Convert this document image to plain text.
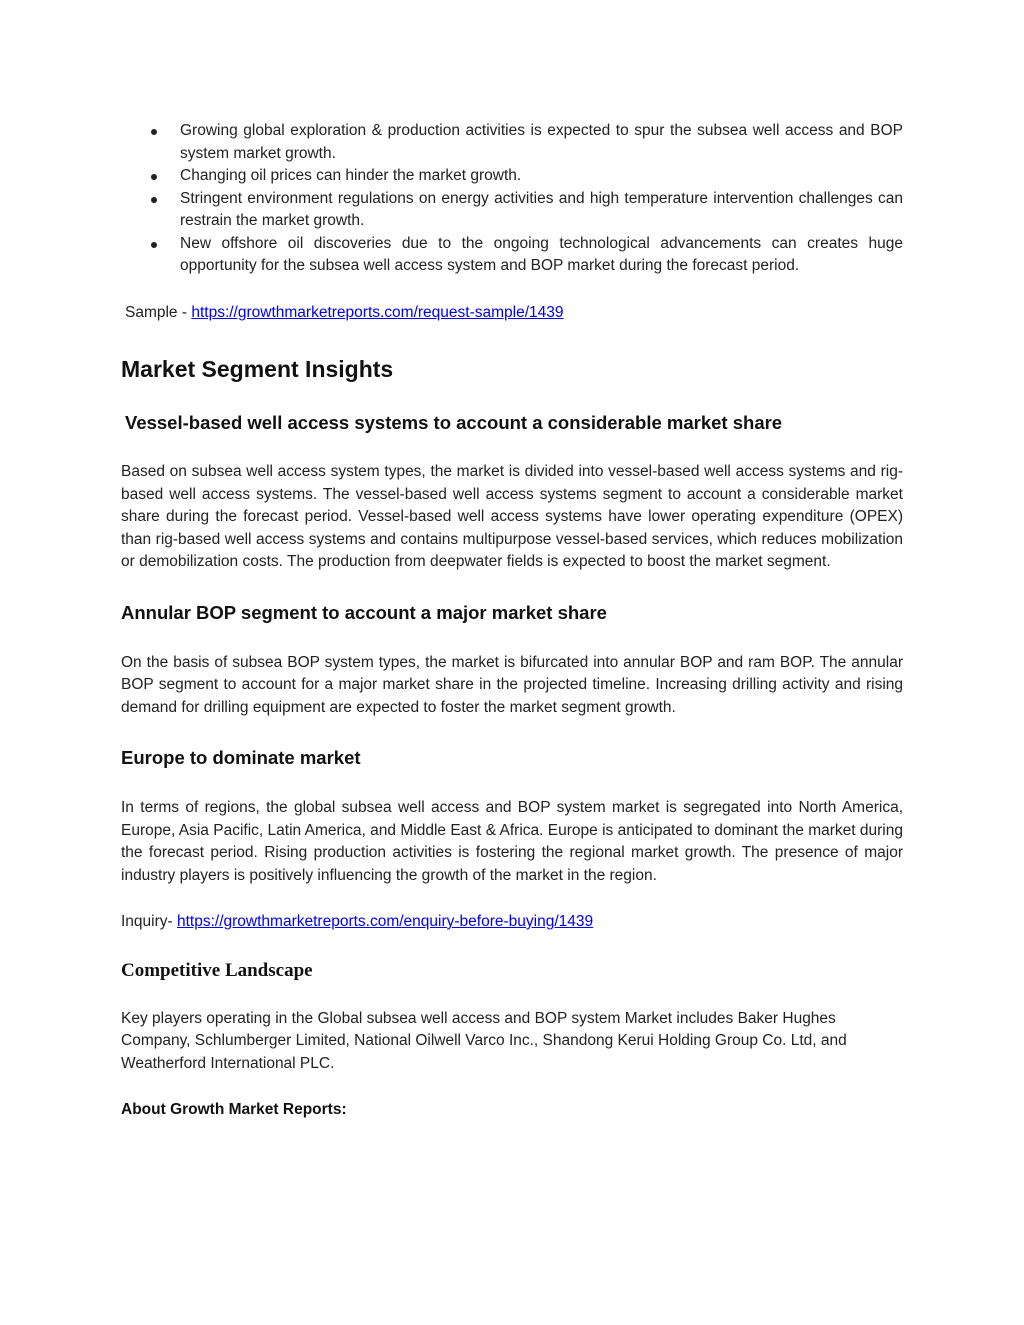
Growing global exploration & production activities is expected to spur the subsea well access and BOP system market growth.
Changing oil prices can hinder the market growth.
Stringent environment regulations on energy activities and high temperature intervention challenges can restrain the market growth.
New offshore oil discoveries due to the ongoing technological advancements can creates huge opportunity for the subsea well access system and BOP market during the forecast period.
Sample - https://growthmarketreports.com/request-sample/1439
Market Segment Insights
Vessel-based well access systems to account a considerable market share

Based on subsea well access system types, the market is divided into vessel-based well access systems and rig-based well access systems. The vessel-based well access systems segment to account a considerable market share during the forecast period. Vessel-based well access systems have lower operating expenditure (OPEX) than rig-based well access systems and contains multipurpose vessel-based services, which reduces mobilization or demobilization costs. The production from deepwater fields is expected to boost the market segment.

Annular BOP segment to account a major market share

On the basis of subsea BOP system types, the market is bifurcated into annular BOP and ram BOP. The annular BOP segment to account for a major market share in the projected timeline. Increasing drilling activity and rising demand for drilling equipment are expected to foster the market segment growth.

Europe to dominate market

In terms of regions, the global subsea well access and BOP system market is segregated into North America, Europe, Asia Pacific, Latin America, and Middle East & Africa. Europe is anticipated to dominant the market during the forecast period. Rising production activities is fostering the regional market growth. The presence of major industry players is positively influencing the growth of the market in the region.

Inquiry- https://growthmarketreports.com/enquiry-before-buying/1439
Competitive Landscape

Key players operating in the Global subsea well access and BOP system Market includes Baker Hughes Company, Schlumberger Limited, National Oilwell Varco Inc., Shandong Kerui Holding Group Co. Ltd, and Weatherford International PLC.

About Growth Market Reports:
